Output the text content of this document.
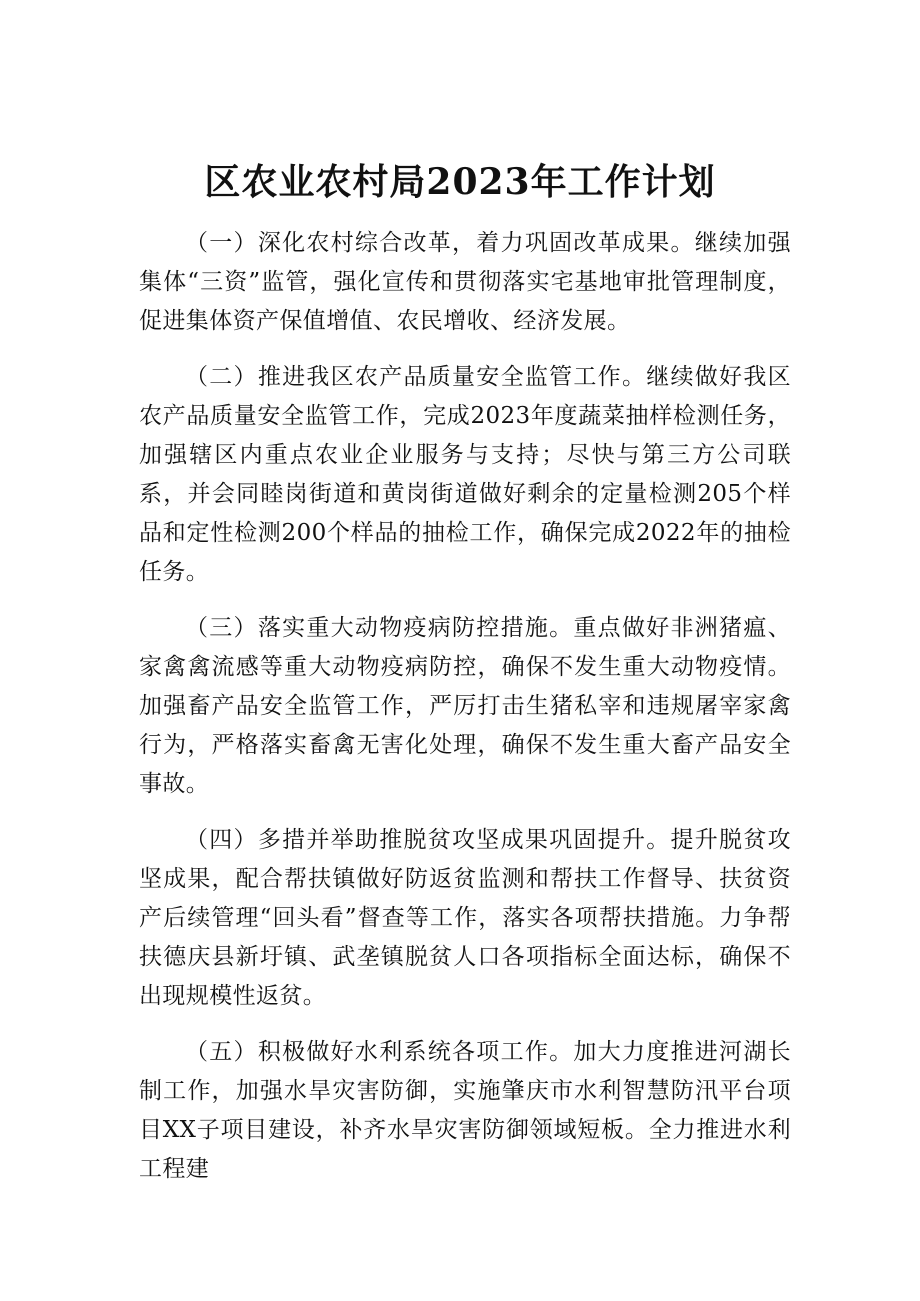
区农业农村局2023年工作计划

（一）深化农村综合改革，着力巩固改革成果。继续加强集体“三资”监管，强化宣传和贯彻落实宅基地审批管理制度，促进集体资产保值增值、农民增收、经济发展。

（二）推进我区农产品质量安全监管工作。继续做好我区农产品质量安全监管工作，完成2023年度蔬菜抽样检测任务，加强辖区内重点农业企业服务与支持；尽快与第三方公司联系，并会同睦岗街道和黄岗街道做好剩余的定量检测205个样品和定性检测200个样品的抽检工作，确保完成2022年的抽检任务。

（三）落实重大动物疫病防控措施。重点做好非洲猪瘟、家禽禽流感等重大动物疫病防控，确保不发生重大动物疫情。加强畜产品安全监管工作，严厉打击生猪私宰和违规屠宰家禽行为，严格落实畜禽无害化处理，确保不发生重大畜产品安全事故。

（四）多措并举助推脱贫攻坚成果巩固提升。提升脱贫攻坚成果，配合帮扶镇做好防返贫监测和帮扶工作督导、扶贫资产后续管理“回头看”督查等工作，落实各项帮扶措施。力争帮扶德庆县新圩镇、武垄镇脱贫人口各项指标全面达标，确保不出现规模性返贫。

（五）积极做好水利系统各项工作。加大力度推进河湖长制工作，加强水旱灾害防御，实施肇庆市水利智慧防汛平台项目XX子项目建设，补齐水旱灾害防御领域短板。全力推进水利工程建
